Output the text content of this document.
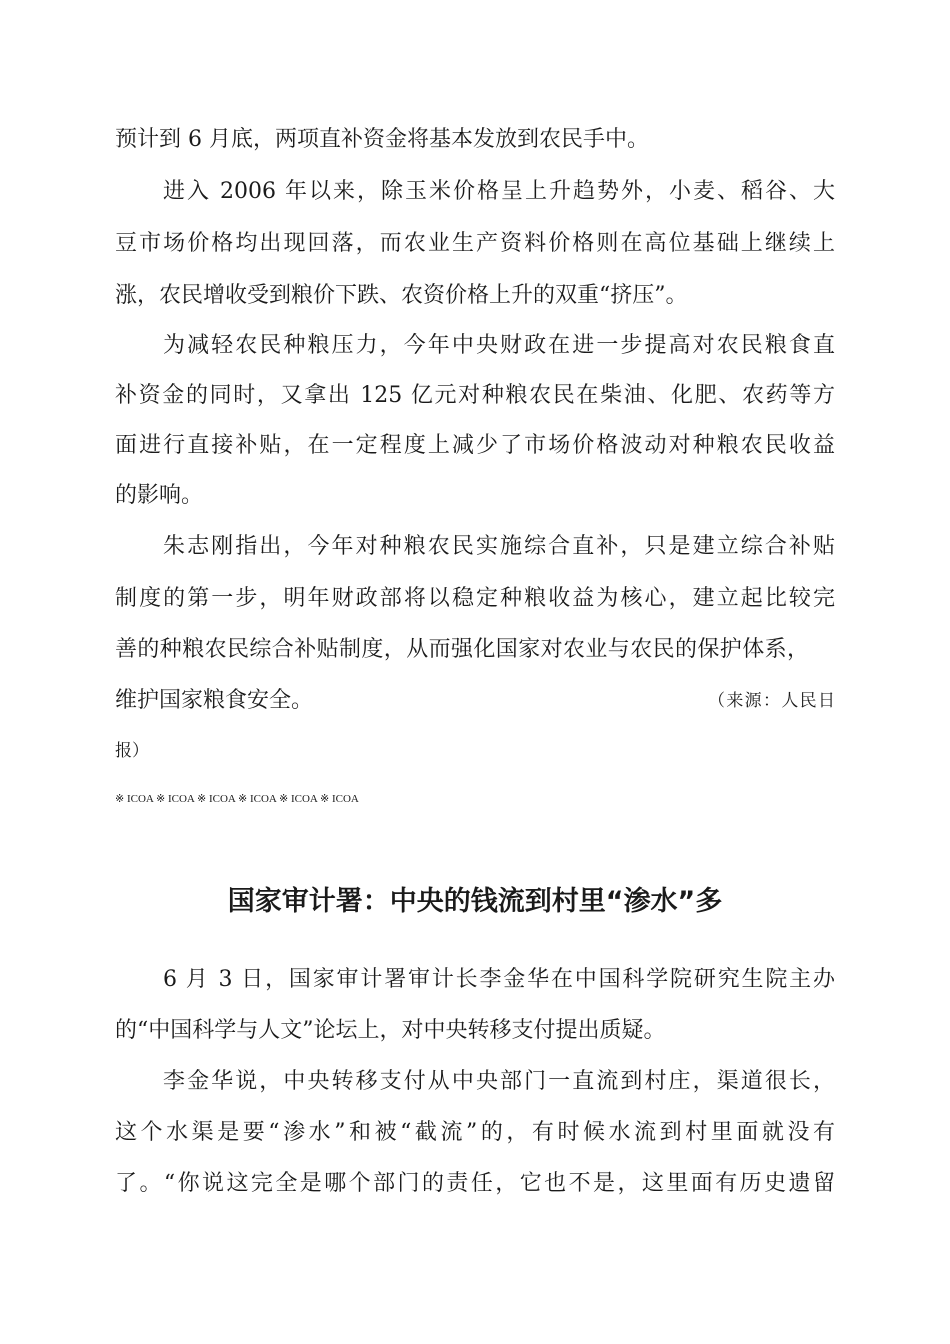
预计到 6 月底，两项直补资金将基本发放到农民手中。
进入 2006 年以来，除玉米价格呈上升趋势外，小麦、稻谷、大
豆市场价格均出现回落，而农业生产资料价格则在高位基础上继续上
涨，农民增收受到粮价下跌、农资价格上升的双重“挤压”。
为减轻农民种粮压力，今年中央财政在进一步提高对农民粮食直
补资金的同时，又拿出 125 亿元对种粮农民在柴油、化肥、农药等方
面进行直接补贴，在一定程度上减少了市场价格波动对种粮农民收益
的影响。
朱志刚指出，今年对种粮农民实施综合直补，只是建立综合补贴
制度的第一步，明年财政部将以稳定种粮收益为核心，建立起比较完
善的种粮农民综合补贴制度，从而强化国家对农业与农民的保护体系，
维护国家粮食安全。	（来源：人民日
报）
※ ICOA ※ ICOA ※ ICOA ※ ICOA ※ ICOA ※ ICOA
国家审计署：中央的钱流到村里“渗水”多
6 月 3 日，国家审计署审计长李金华在中国科学院研究生院主办
的“中国科学与人文”论坛上，对中央转移支付提出质疑。
李金华说，中央转移支付从中央部门一直流到村庄，渠道很长，
这个水渠是要“渗水”和被“截流”的，有时候水流到村里面就没有
了。“你说这完全是哪个部门的责任，它也不是，这里面有历史遗留
